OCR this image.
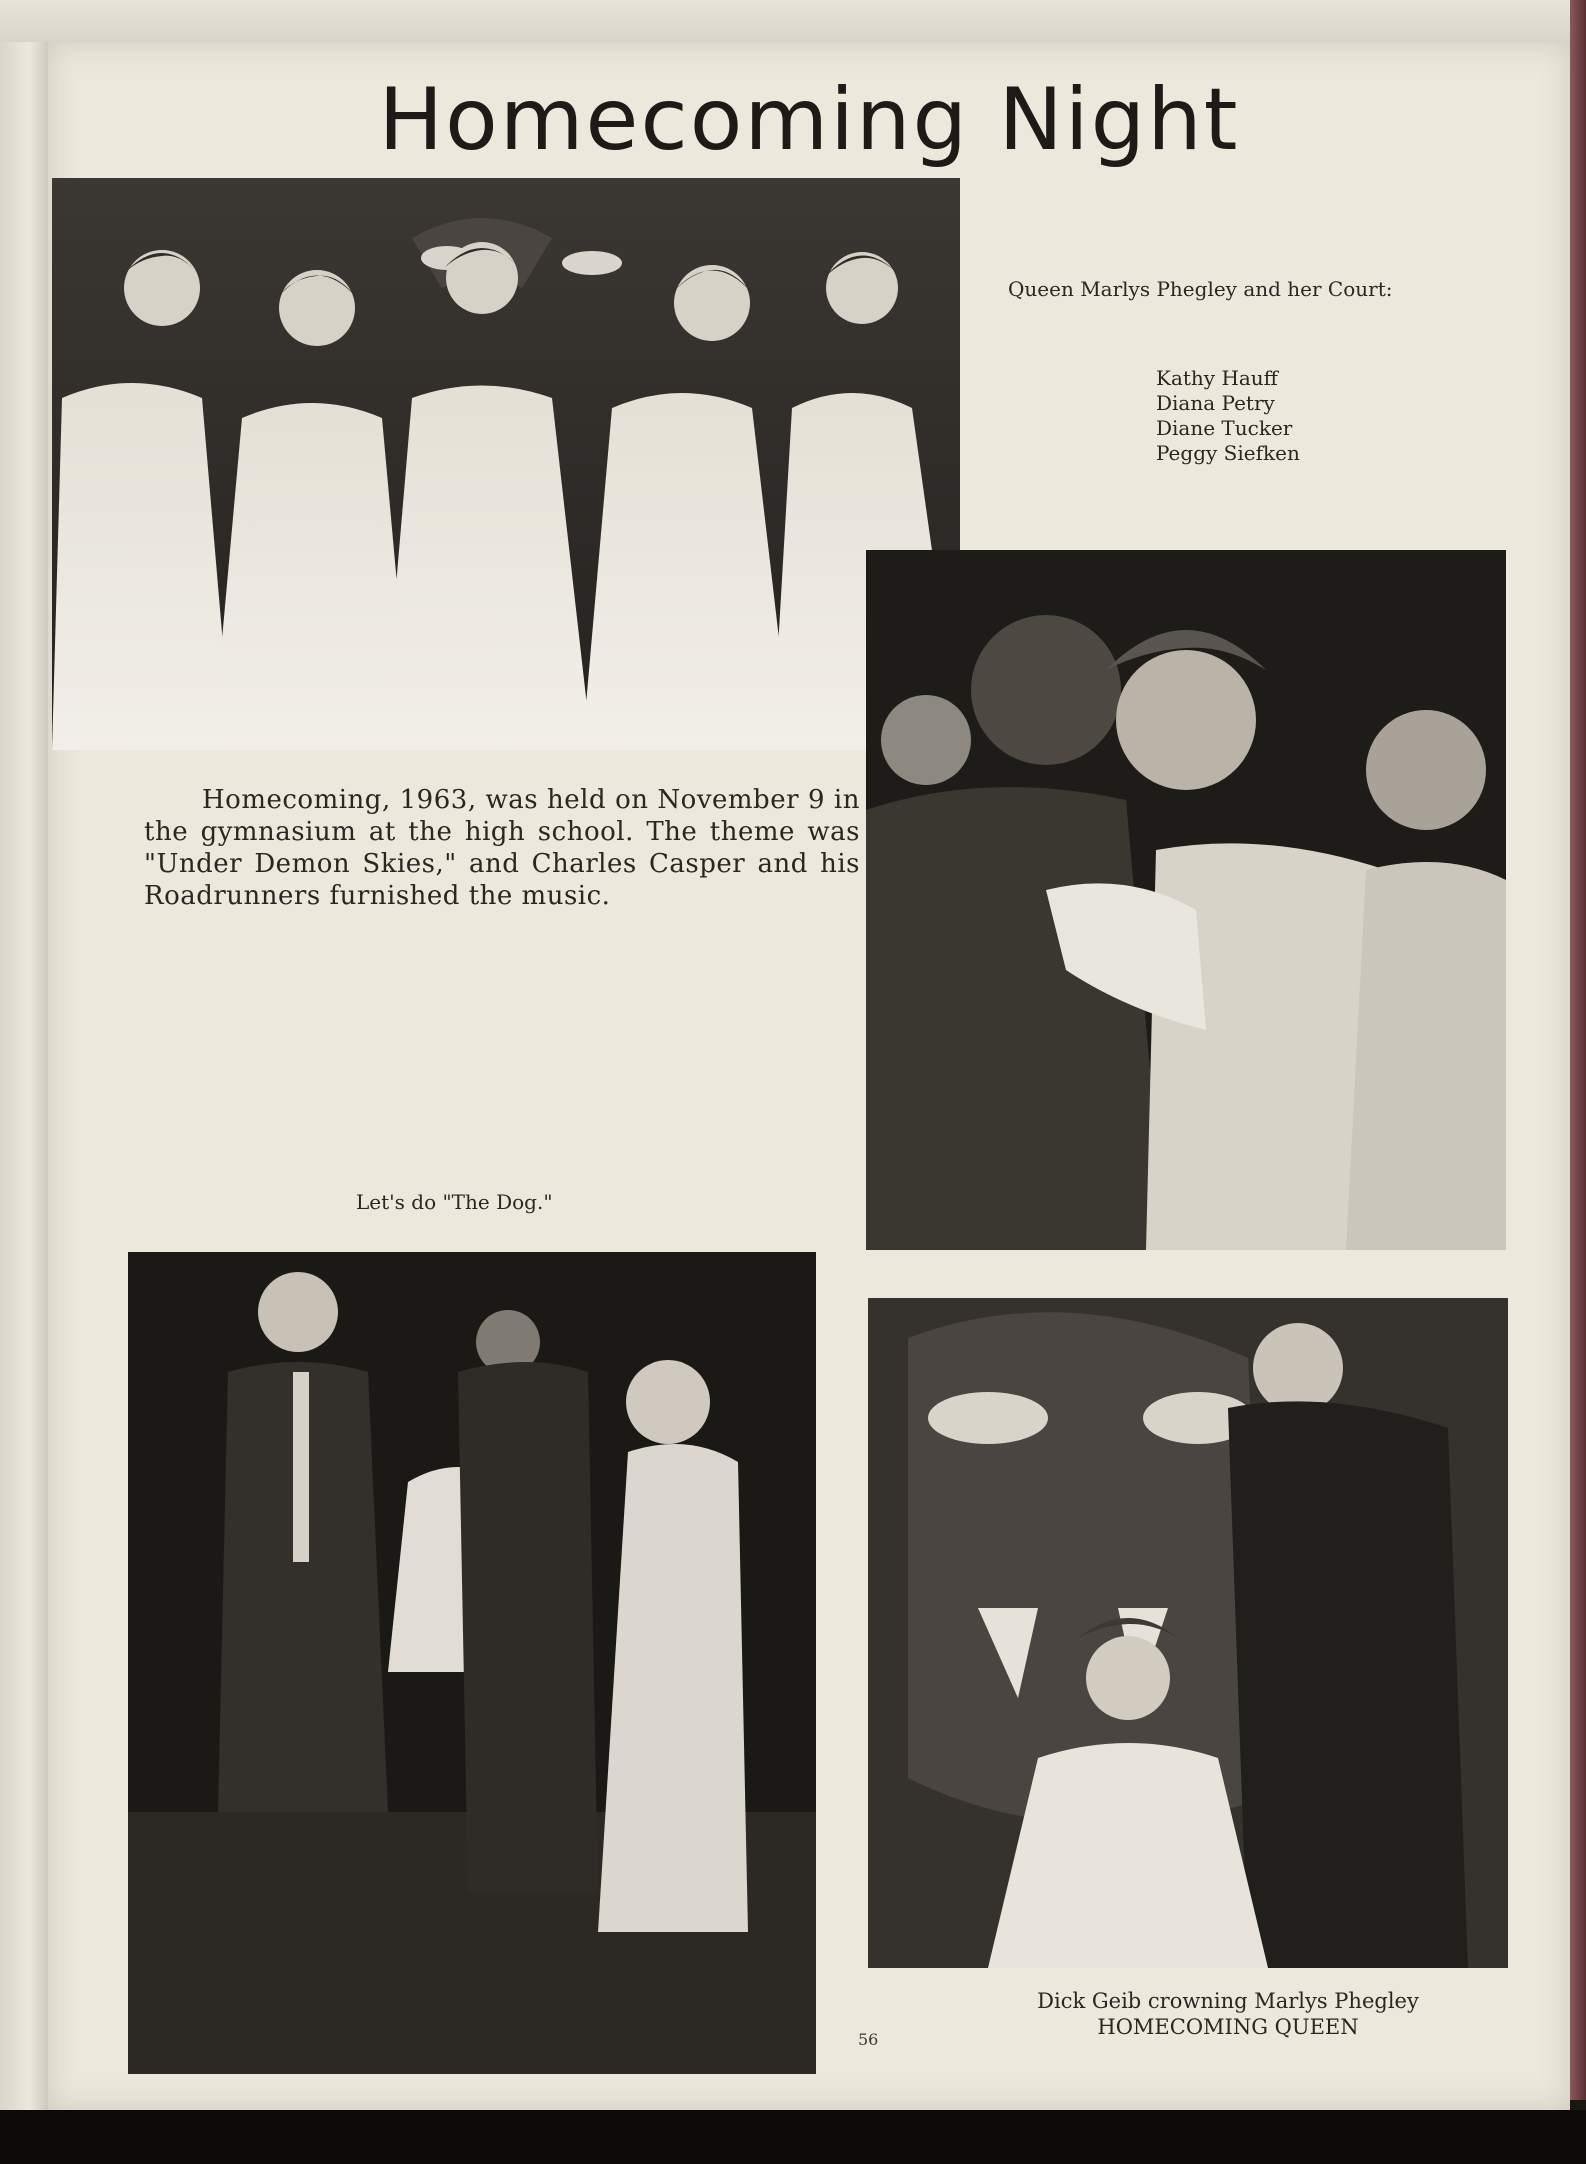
Homecoming Night
Queen Marlys Phegley and her Court:
Kathy Hauff
Diana Petry
Diane Tucker
Peggy Siefken

Homecoming, 1963, was held on November 9 in the gymnasium at the high school. The theme was "Under Demon Skies," and Charles Casper and his Roadrunners furnished the music.

Let's do "The Dog."
Dick Geib crowning Marlys Phegley
HOMECOMING QUEEN
56
